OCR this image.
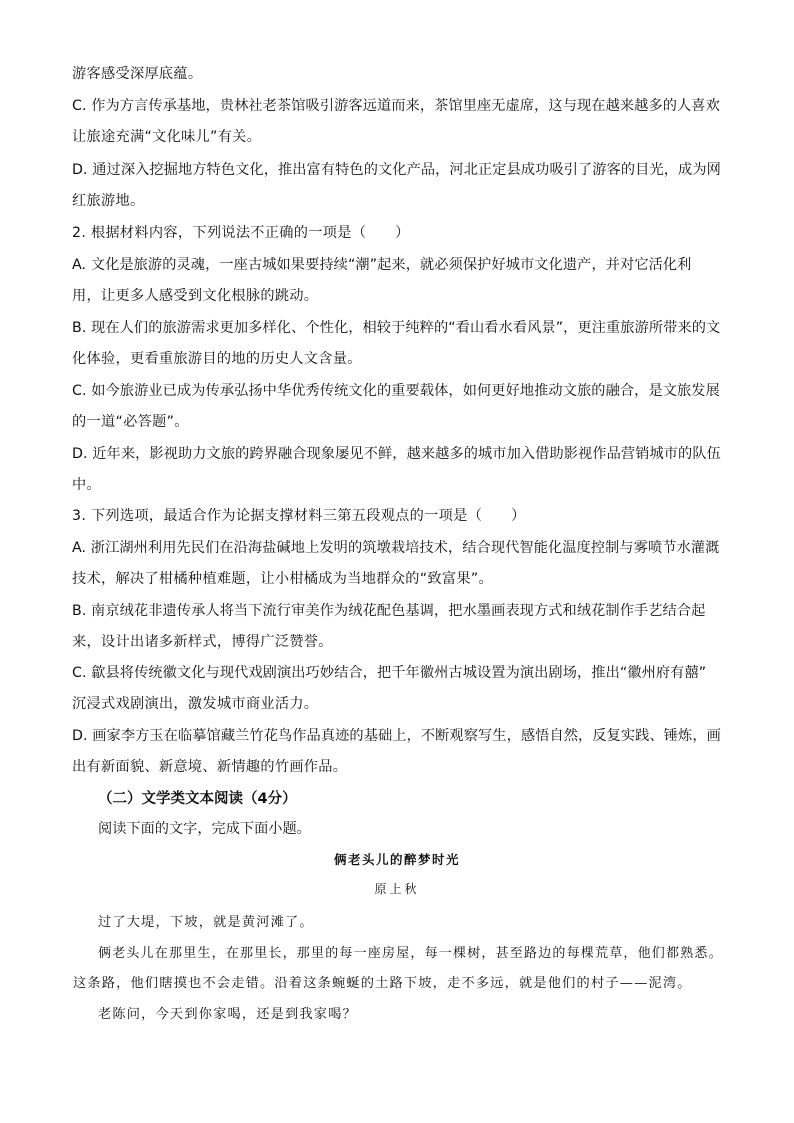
游客感受深厚底蕴。
C. 作为方言传承基地，贵林社老茶馆吸引游客远道而来，茶馆里座无虚席，这与现在越来越多的人喜欢
让旅途充满“文化味儿”有关。
D. 通过深入挖掘地方特色文化，推出富有特色的文化产品，河北正定县成功吸引了游客的目光，成为网
红旅游地。
2. 根据材料内容，下列说法不正确的一项是（　　）
A. 文化是旅游的灵魂，一座古城如果要持续“潮”起来，就必须保护好城市文化遗产，并对它活化利
用，让更多人感受到文化根脉的跳动。
B. 现在人们的旅游需求更加多样化、个性化，相较于纯粹的“看山看水看风景”，更注重旅游所带来的文
化体验，更看重旅游目的地的历史人文含量。
C. 如今旅游业已成为传承弘扬中华优秀传统文化的重要载体，如何更好地推动文旅的融合，是文旅发展
的一道“必答题”。
D. 近年来，影视助力文旅的跨界融合现象屡见不鲜，越来越多的城市加入借助影视作品营销城市的队伍
中。
3. 下列选项，最适合作为论据支撑材料三第五段观点的一项是（　　）
A. 浙江湖州利用先民们在沿海盐碱地上发明的筑墩栽培技术，结合现代智能化温度控制与雾喷节水灌溉
技术，解决了柑橘种植难题，让小柑橘成为当地群众的“致富果”。
B. 南京绒花非遗传承人将当下流行审美作为绒花配色基调，把水墨画表现方式和绒花制作手艺结合起
来，设计出诸多新样式，博得广泛赞誉。
C. 歙县将传统徽文化与现代戏剧演出巧妙结合，把千年徽州古城设置为演出剧场，推出“徽州府有囍”
沉浸式戏剧演出，激发城市商业活力。
D. 画家李方玉在临摹馆藏兰竹花鸟作品真迹的基础上，不断观察写生，感悟自然，反复实践、锤炼，画
出有新面貌、新意境、新情趣的竹画作品。
（二）文学类文本阅读（4分）
阅读下面的文字，完成下面小题。
俩老头儿的醉梦时光
原上秋
过了大堤，下坡，就是黄河滩了。
俩老头儿在那里生，在那里长，那里的每一座房屋，每一棵树，甚至路边的每棵荒草，他们都熟悉。
这条路，他们瞎摸也不会走错。沿着这条蜿蜒的土路下坡，走不多远，就是他们的村子——泥湾。
老陈问，今天到你家喝，还是到我家喝？
